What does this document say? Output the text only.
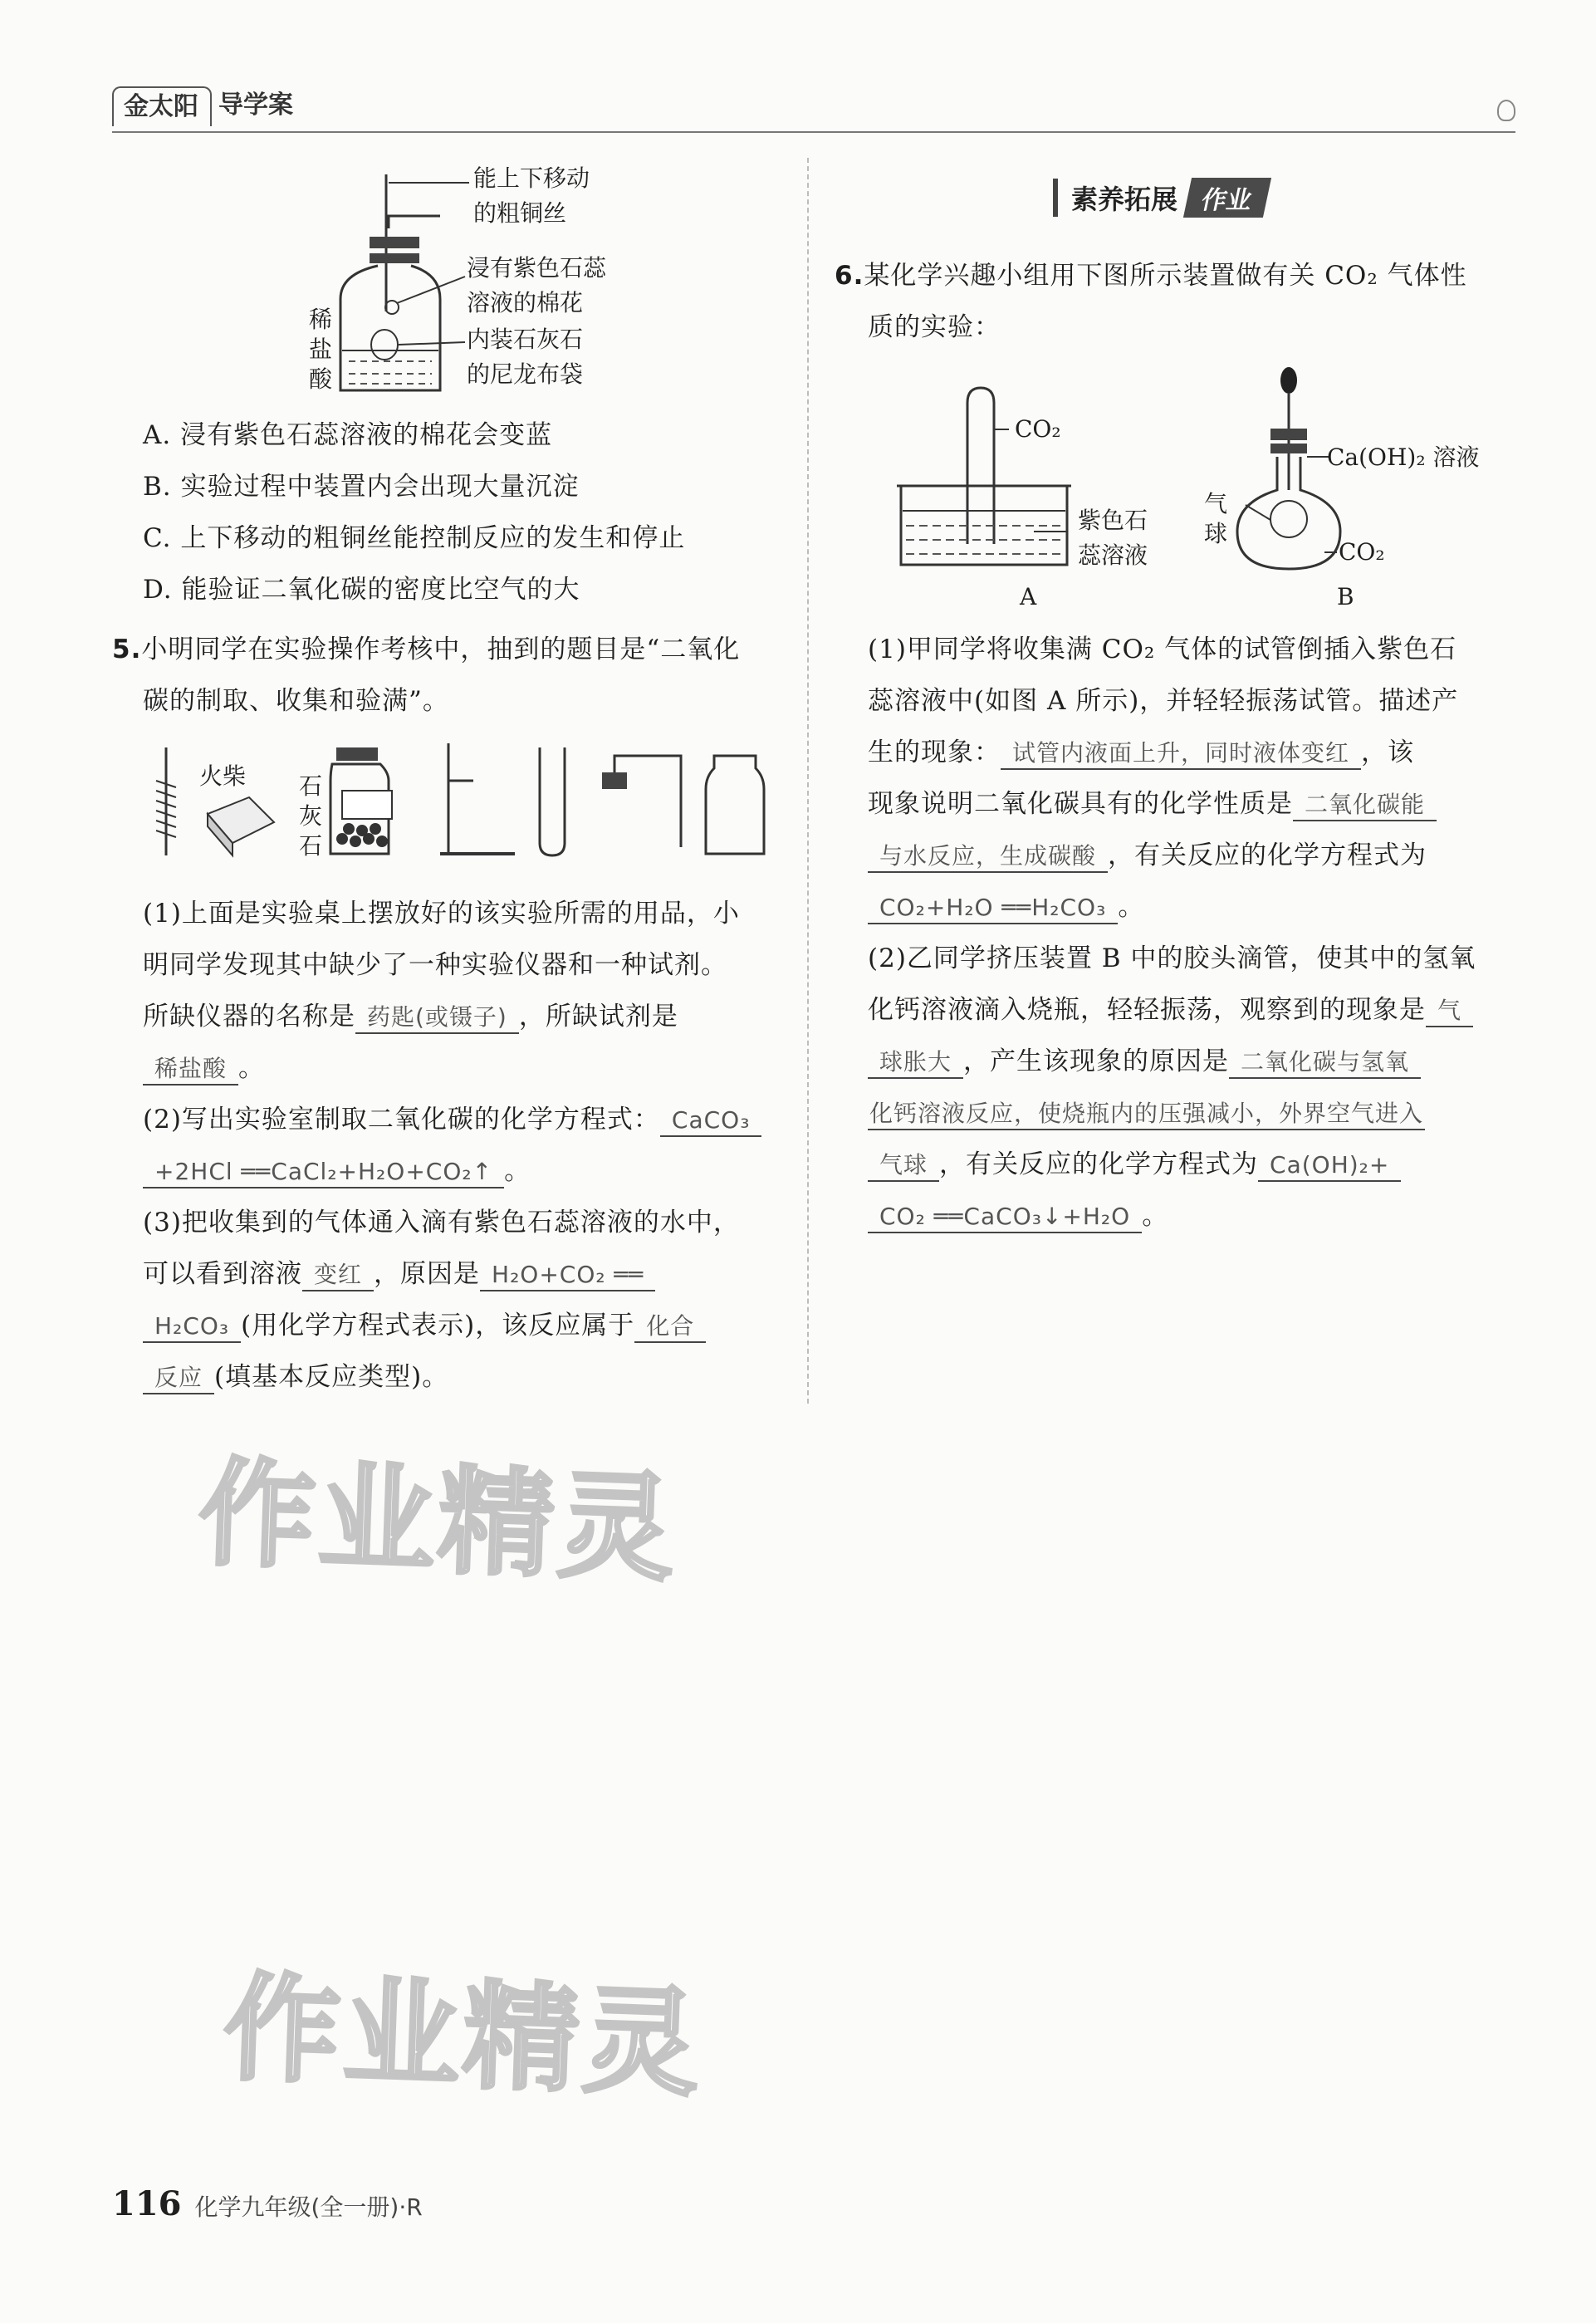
金太阳 导学案
能上下移动
的粗铜丝
浸有紫色石蕊
溶液的棉花
内装石灰石
的尼龙布袋
稀
盐
酸
A. 浸有紫色石蕊溶液的棉花会变蓝
B. 实验过程中装置内会出现大量沉淀
C. 上下移动的粗铜丝能控制反应的发生和停止
D. 能验证二氧化碳的密度比空气的大
5.小明同学在实验操作考核中，抽到的题目是“二氧化
碳的制取、收集和验满”。
火柴 石
灰
石
(1)上面是实验桌上摆放好的该实验所需的用品，小
明同学发现其中缺少了一种实验仪器和一种试剂。
所缺仪器的名称是 药匙(或镊子) ，所缺试剂是
稀盐酸 。
(2)写出实验室制取二氧化碳的化学方程式： CaCO₃
+2HCl ══CaCl₂+H₂O+CO₂↑ 。
(3)把收集到的气体通入滴有紫色石蕊溶液的水中，
可以看到溶液 变红 ，原因是 H₂O+CO₂ ══
H₂CO₃ (用化学方程式表示)，该反应属于 化合
反应 (填基本反应类型)。
素养拓展 作业
6.某化学兴趣小组用下图所示装置做有关 CO₂ 气体性
质的实验：
CO₂
紫色石
蕊溶液
A
Ca(OH)₂ 溶液
气
球
CO₂
B
(1)甲同学将收集满 CO₂ 气体的试管倒插入紫色石
蕊溶液中(如图 A 所示)，并轻轻振荡试管。描述产
生的现象： 试管内液面上升，同时液体变红 ，该
现象说明二氧化碳具有的化学性质是 二氧化碳能
与水反应，生成碳酸 ，有关反应的化学方程式为
CO₂+H₂O ══H₂CO₃ 。
(2)乙同学挤压装置 B 中的胶头滴管，使其中的氢氧
化钙溶液滴入烧瓶，轻轻振荡，观察到的现象是 气
球胀大 ，产生该现象的原因是 二氧化碳与氢氧
化钙溶液反应，使烧瓶内的压强减小，外界空气进入
气球 ，有关反应的化学方程式为 Ca(OH)₂+
CO₂ ══CaCO₃↓+H₂O 。
作业精灵
作业精灵
116 化学九年级(全一册)·R
